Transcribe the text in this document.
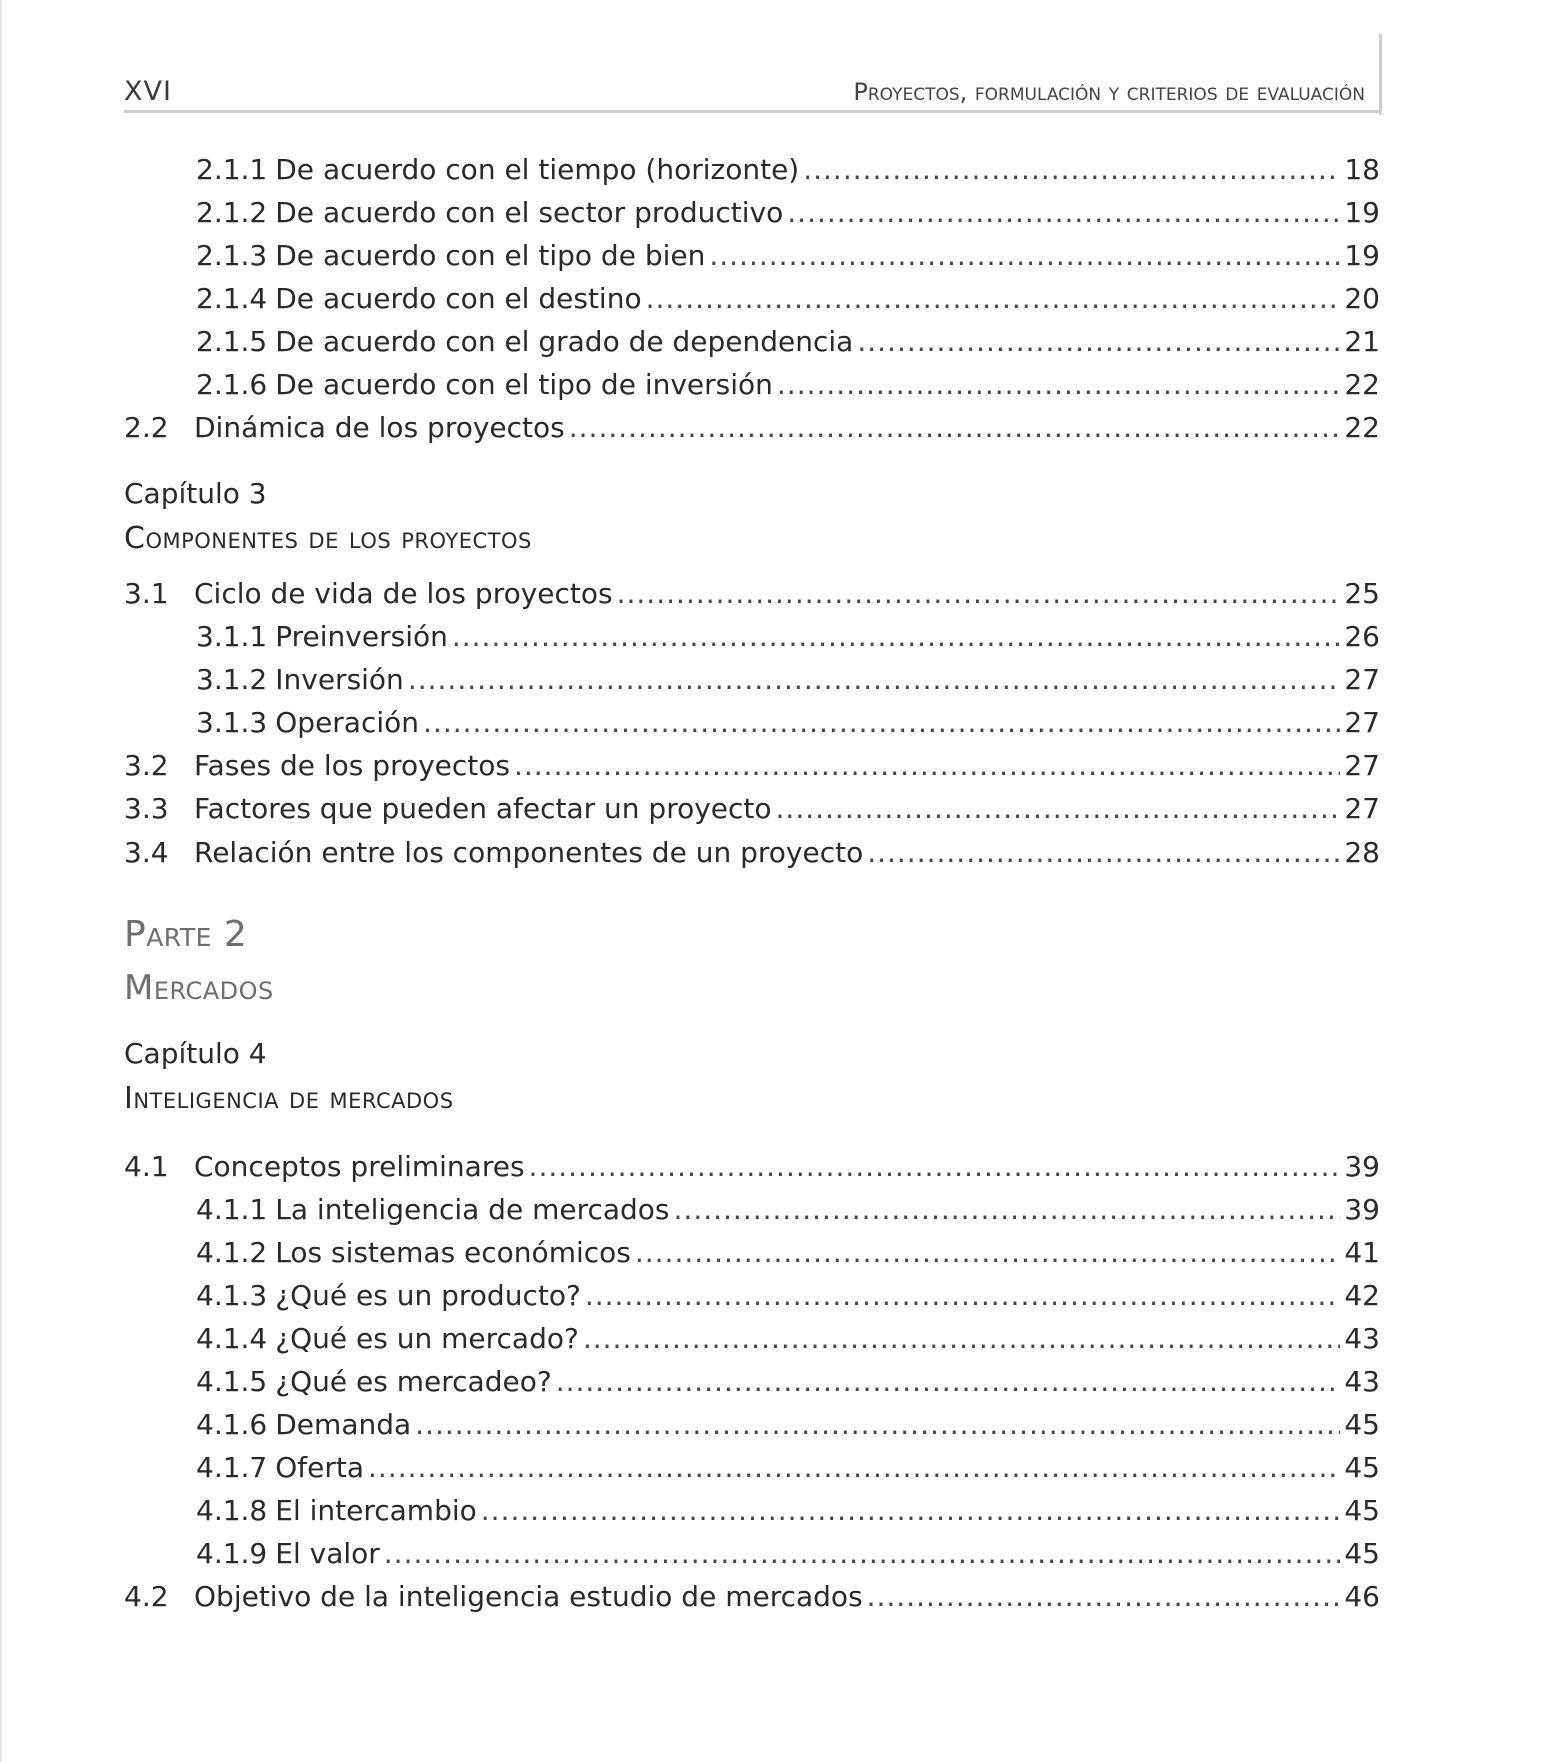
XVI	Proyectos, formulación y criterios de evaluación
2.1.1 De acuerdo con el tiempo (horizonte) .....	18
2.1.2 De acuerdo con el sector productivo .....	19
2.1.3 De acuerdo con el tipo de bien .....	19
2.1.4 De acuerdo con el destino .....	20
2.1.5 De acuerdo con el grado de dependencia .....	21
2.1.6 De acuerdo con el tipo de inversión .....	22
2.2 Dinámica de los proyectos .....	22
3.1 Ciclo de vida de los proyectos .....	25
3.1.1 Preinversión .....	26
3.1.2 Inversión .....	27
3.1.3 Operación .....	27
3.2 Fases de los proyectos .....	27
3.3 Factores que pueden afectar un proyecto .....	27
3.4 Relación entre los componentes de un proyecto .....	28
4.1 Conceptos preliminares .....	39
4.1.1 La inteligencia de mercados .....	39
4.1.2 Los sistemas económicos .....	41
4.1.3 ¿Qué es un producto? .....	42
4.1.4 ¿Qué es un mercado? .....	43
4.1.5 ¿Qué es mercadeo? .....	43
4.1.6 Demanda .....	45
4.1.7 Oferta .....	45
4.1.8 El intercambio .....	45
4.1.9 El valor .....	45
4.2 Objetivo de la inteligencia estudio de mercados .....	46
Capítulo 3
Componentes de los proyectos
Parte 2
Mercados
Capítulo 4
Inteligencia de mercados
